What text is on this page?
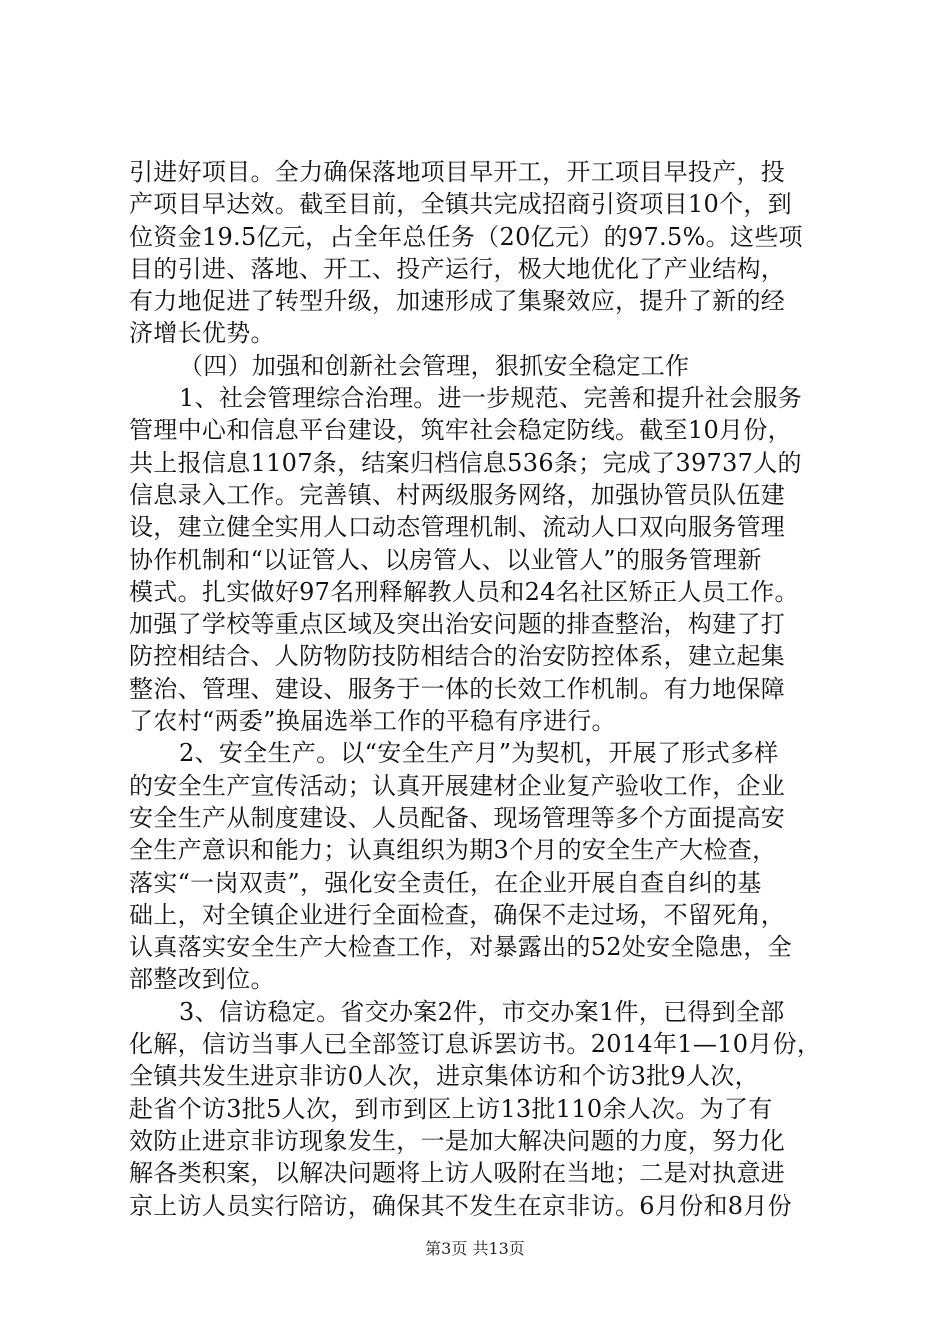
引进好项目。全力确保落地项目早开工，开工项目早投产，投
产项目早达效。截至目前，全镇共完成招商引资项目10个，到
位资金19.5亿元，占全年总任务（20亿元）的97.5%。这些项
目的引进、落地、开工、投产运行，极大地优化了产业结构，
有力地促进了转型升级，加速形成了集聚效应，提升了新的经
济增长优势。
（四）加强和创新社会管理，狠抓安全稳定工作
1、社会管理综合治理。进一步规范、完善和提升社会服务
管理中心和信息平台建设，筑牢社会稳定防线。截至10月份，
共上报信息1107条，结案归档信息536条；完成了39737人的
信息录入工作。完善镇、村两级服务网络，加强协管员队伍建
设，建立健全实用人口动态管理机制、流动人口双向服务管理
协作机制和“以证管人、以房管人、以业管人”的服务管理新
模式。扎实做好97名刑释解教人员和24名社区矫正人员工作。
加强了学校等重点区域及突出治安问题的排查整治，构建了打
防控相结合、人防物防技防相结合的治安防控体系，建立起集
整治、管理、建设、服务于一体的长效工作机制。有力地保障
了农村“两委”换届选举工作的平稳有序进行。
2、安全生产。以“安全生产月”为契机，开展了形式多样
的安全生产宣传活动；认真开展建材企业复产验收工作，企业
安全生产从制度建设、人员配备、现场管理等多个方面提高安
全生产意识和能力；认真组织为期3个月的安全生产大检查，
落实“一岗双责”，强化安全责任，在企业开展自查自纠的基
础上，对全镇企业进行全面检查，确保不走过场，不留死角，
认真落实安全生产大检查工作，对暴露出的52处安全隐患，全
部整改到位。
3、信访稳定。省交办案2件，市交办案1件，已得到全部
化解，信访当事人已全部签订息诉罢访书。2014年1—10月份，
全镇共发生进京非访0人次，进京集体访和个访3批9人次，
赴省个访3批5人次，到市到区上访13批110余人次。为了有
效防止进京非访现象发生，一是加大解决问题的力度，努力化
解各类积案，以解决问题将上访人吸附在当地；二是对执意进
京上访人员实行陪访，确保其不发生在京非访。6月份和8月份
第3页 共13页
